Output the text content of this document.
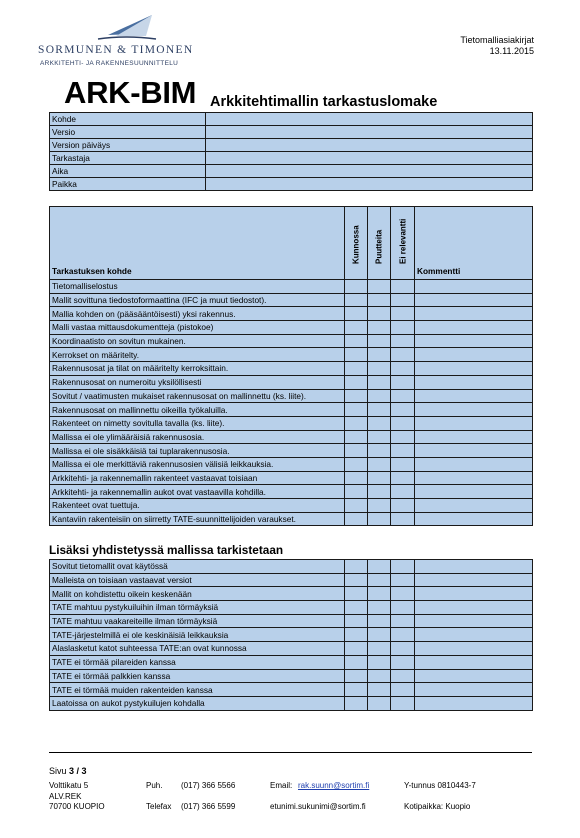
SORMUNEN & TIMONEN
ARKKITEHTI- JA RAKENNESUUNNITTELU
Tietomalliasiakirjat
13.11.2015
ARK-BIM Arkkitehtimallin tarkastuslomake
Kohde	
Versio	
Version päiväys	
Tarkastaja	
Aika	
Paikka	
Tarkastuksen kohde	Kunnossa	Puutteita	Ei relevantti	Kommentti
Tietomalliselostus				
Mallit sovittuna tiedostoformaattina (IFC ja muut tiedostot).				
Mallia kohden on (pääsääntöisesti) yksi rakennus.				
Malli vastaa mittausdokumentteja (pistokoe)				
Koordinaatisto on sovitun mukainen.				
Kerrokset on määritelty.				
Rakennusosat ja tilat on määritelty kerroksittain.				
Rakennusosat on numeroitu yksilöllisesti				
Sovitut / vaatimusten mukaiset rakennusosat on mallinnettu (ks. liite).				
Rakennusosat on mallinnettu oikeilla työkaluilla.				
Rakenteet on nimetty sovitulla tavalla (ks. liite).				
Mallissa ei ole ylimääräisiä rakennusosia.				
Mallissa ei ole sisäkkäisiä tai tuplarakennusosia.				
Mallissa ei ole merkittäviä rakennusosien välisiä leikkauksia.				
Arkkitehti- ja rakennemallin rakenteet vastaavat toisiaan				
Arkkitehti- ja rakennemallin aukot ovat vastaavilla kohdilla.				
Rakenteet ovat tuettuja.				
Kantaviin rakenteisiin on siirretty TATE-suunnittelijoiden varaukset.				
Lisäksi yhdistetyssä mallissa tarkistetaan
Sovitut tietomallit ovat käytössä				
Malleista on toisiaan vastaavat versiot				
Mallit on kohdistettu oikein keskenään				
TATE mahtuu pystykuiluihin ilman törmäyksiä				
TATE mahtuu vaakareiteille ilman törmäyksiä				
TATE-järjestelmillä ei ole keskinäisiä leikkauksia				
Alaslasketut katot suhteessa TATE:an ovat kunnossa				
TATE ei törmää pilareiden kanssa				
TATE ei törmää palkkien kanssa				
TATE ei törmää muiden rakenteiden kanssa				
Laatoissa on aukot pystykuilujen kohdalla				
Sivu 3 / 3
Volttikatu 5
ALV.REK
70700 KUOPIO
Puh. (017) 366 5566
Telefax (017) 366 5599
Email: rak.suunn@sortim.fi
etunimi.sukunimi@sortim.fi
Y-tunnus 0810443-7
Kotipaikka: Kuopio
